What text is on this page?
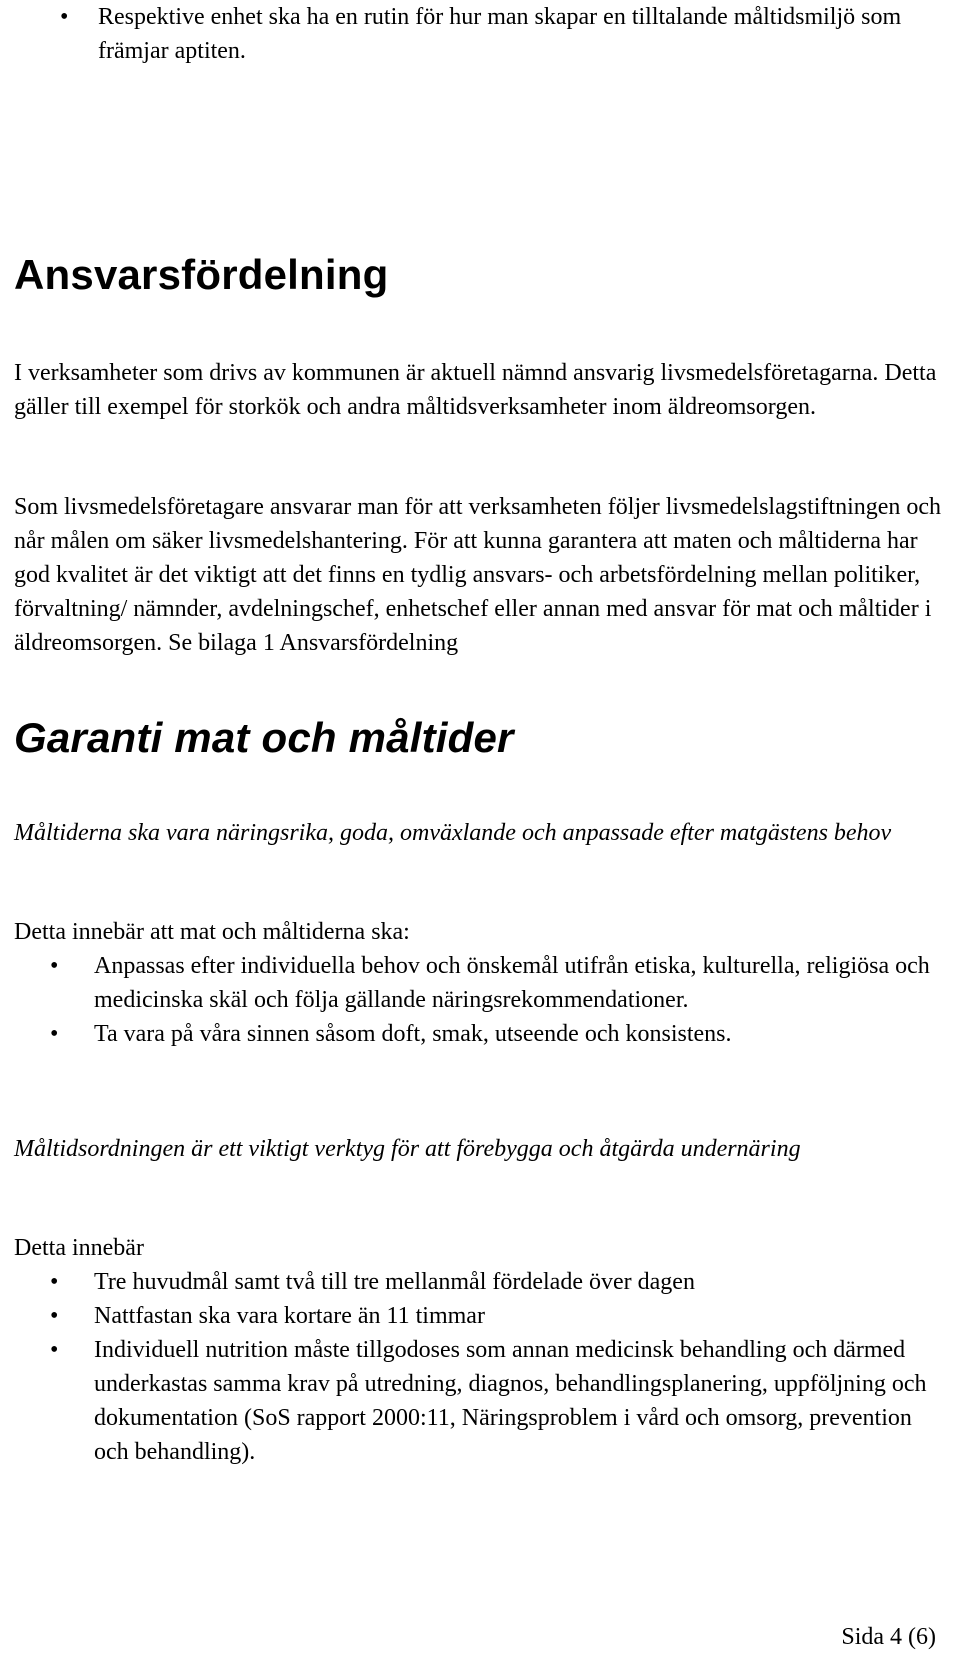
•	Respektive enhet ska ha en rutin för hur man skapar en tilltalande måltidsmiljö som främjar aptiten.
Ansvarsfördelning

I verksamheter som drivs av kommunen är aktuell nämnd ansvarig livsmedelsföretagarna. Detta gäller till exempel för storkök och andra måltidsverksamheter inom äldreomsorgen.

Som livsmedelsföretagare ansvarar man för att verksamheten följer livsmedelslagstiftningen och når målen om säker livsmedelshantering. För att kunna garantera att maten och måltiderna har god kvalitet är det viktigt att det finns en tydlig ansvars- och arbetsfördelning mellan politiker, förvaltning/ nämnder, avdelningschef, enhetschef eller annan med ansvar för mat och måltider i äldreomsorgen. Se bilaga 1 Ansvarsfördelning

Garanti mat och måltider

Måltiderna ska vara näringsrika, goda, omväxlande och anpassade efter matgästens behov

Detta innebär att mat och måltiderna ska:

•	Anpassas efter individuella behov och önskemål utifrån etiska, kulturella, religiösa och medicinska skäl och följa gällande näringsrekommendationer.
•	Ta vara på våra sinnen såsom doft, smak, utseende och konsistens.

Måltidsordningen är ett viktigt verktyg för att förebygga och åtgärda undernäring

Detta innebär

•	Tre huvudmål samt två till tre mellanmål fördelade över dagen
•	Nattfastan ska vara kortare än 11 timmar
•	Individuell nutrition måste tillgodoses som annan medicinsk behandling och därmed underkastas samma krav på utredning, diagnos, behandlingsplanering, uppföljning och dokumentation (SoS rapport 2000:11, Näringsproblem i vård och omsorg, prevention och behandling).

Sida 4 (6)
